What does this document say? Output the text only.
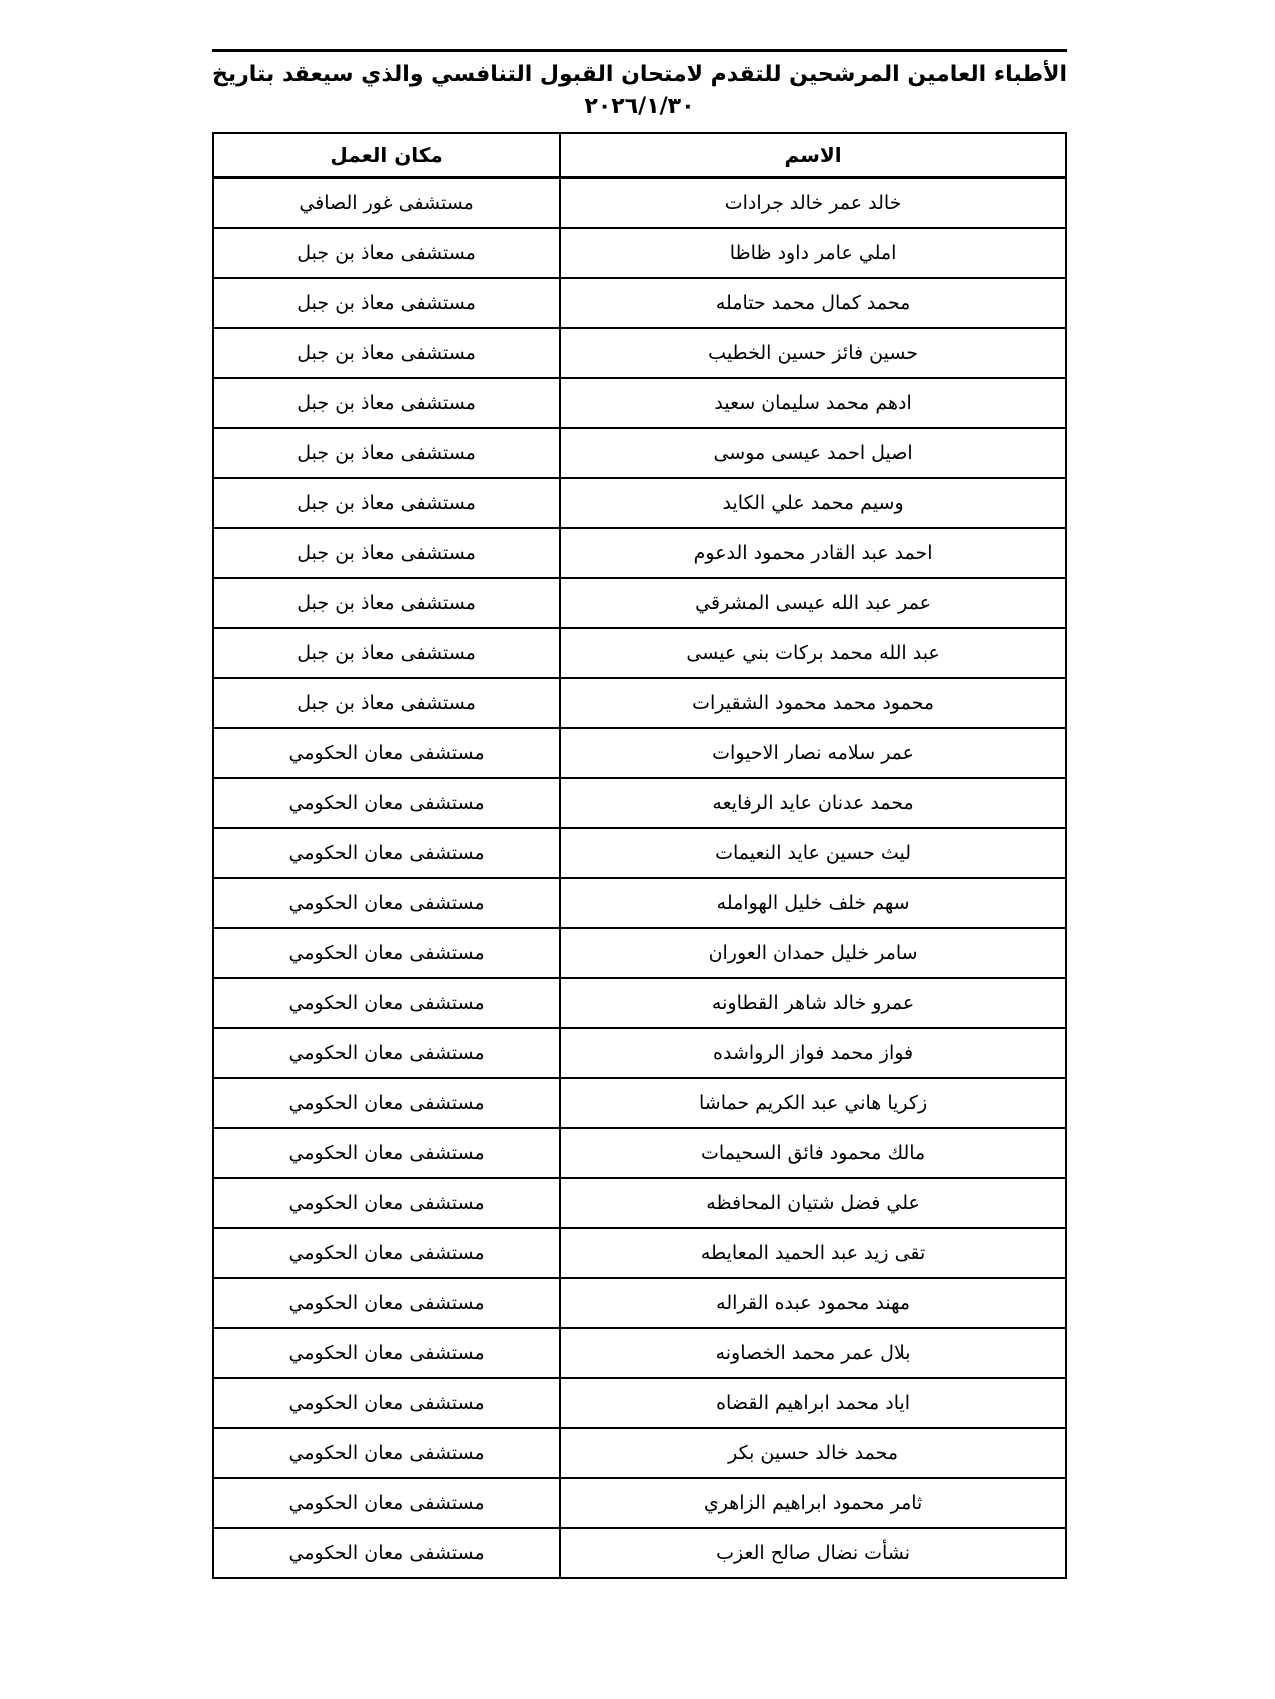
الأطباء العامين المرشحين للتقدم لامتحان القبول التنافسي والذي سيعقد بتاريخ
٢٠٢٦/١/٣٠
الاسم	مكان العمل
خالد عمر خالد جرادات	مستشفى غور الصافي
املي عامر داود ظاظا	مستشفى معاذ بن جبل
محمد كمال محمد حتامله	مستشفى معاذ بن جبل
حسين فائز حسين الخطيب	مستشفى معاذ بن جبل
ادهم محمد سليمان سعيد	مستشفى معاذ بن جبل
اصيل احمد عيسى موسى	مستشفى معاذ بن جبل
وسيم محمد علي الكايد	مستشفى معاذ بن جبل
احمد عبد القادر محمود الدعوم	مستشفى معاذ بن جبل
عمر عبد الله عيسى المشرقي	مستشفى معاذ بن جبل
عبد الله محمد بركات بني عيسى	مستشفى معاذ بن جبل
محمود محمد محمود الشقيرات	مستشفى معاذ بن جبل
عمر سلامه نصار الاحيوات	مستشفى معان الحكومي
محمد عدنان عايد الرفايعه	مستشفى معان الحكومي
ليث حسين عايد النعيمات	مستشفى معان الحكومي
سهم خلف خليل الهوامله	مستشفى معان الحكومي
سامر خليل حمدان العوران	مستشفى معان الحكومي
عمرو خالد شاهر القطاونه	مستشفى معان الحكومي
فواز محمد فواز الرواشده	مستشفى معان الحكومي
زكريا هاني عبد الكريم حماشا	مستشفى معان الحكومي
مالك محمود فائق السحيمات	مستشفى معان الحكومي
علي فضل شتيان المحافظه	مستشفى معان الحكومي
تقى زيد عبد الحميد المعايطه	مستشفى معان الحكومي
مهند محمود عبده القراله	مستشفى معان الحكومي
بلال عمر محمد الخصاونه	مستشفى معان الحكومي
اياد محمد ابراهيم القضاه	مستشفى معان الحكومي
محمد خالد حسين بكر	مستشفى معان الحكومي
ثامر محمود ابراهيم الزاهري	مستشفى معان الحكومي
نشأت نضال صالح العزب	مستشفى معان الحكومي
